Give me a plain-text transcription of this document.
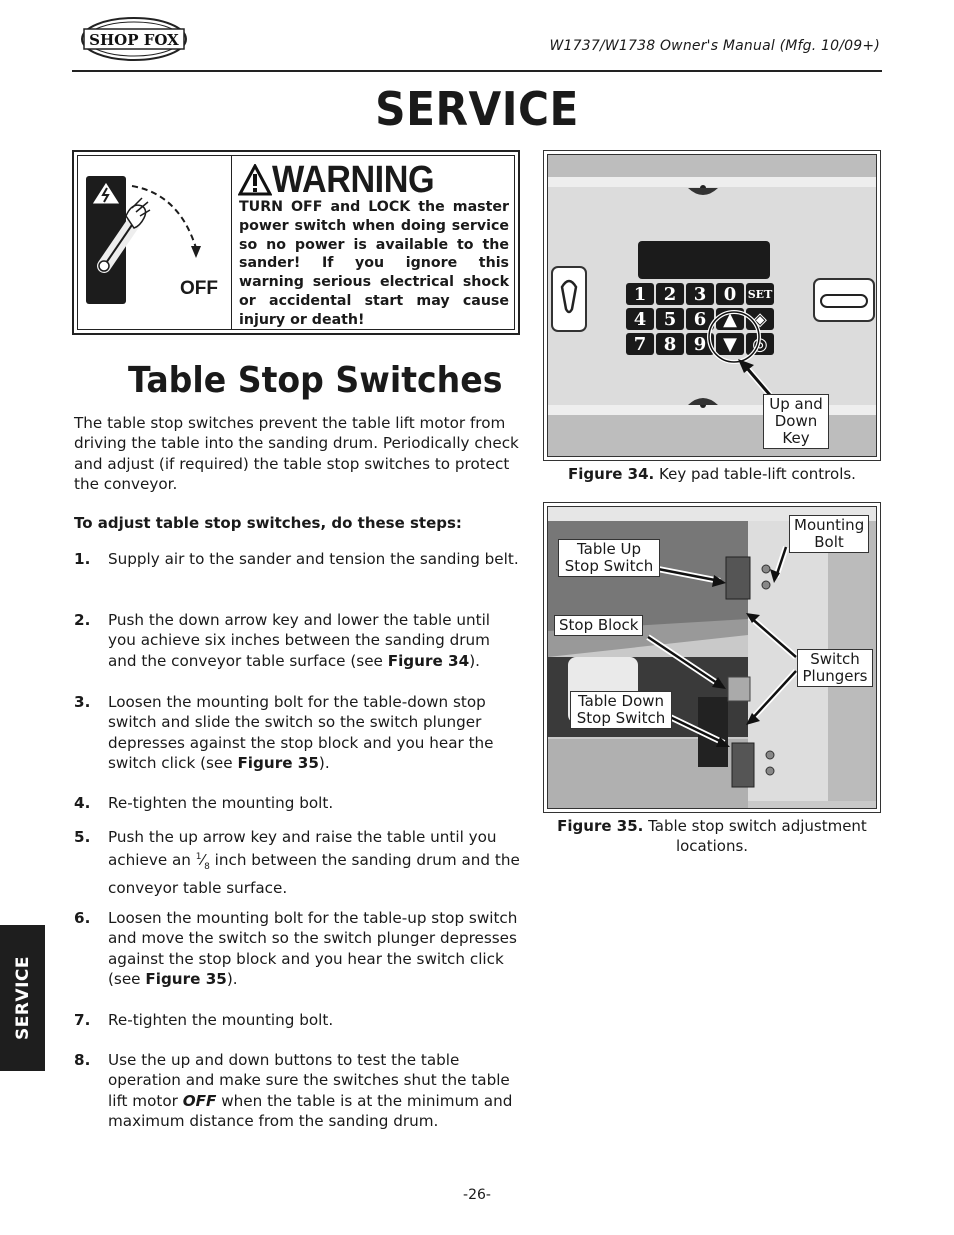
SHOP FOX	W1737/W1738 Owner's Manual (Mfg. 10/09+)
SERVICE
OFF
WARNING
TURN OFF and LOCK the master power switch when doing service so no power is available to the sander! If you ignore this warning serious electrical shock or accidental start may cause injury or death!
Table Stop Switches
The table stop switches prevent the table lift motor from driving the table into the sanding drum. Periodically check and adjust (if required) the table stop switches to protect the conveyor.
To adjust table stop switches, do these steps:
1. Supply air to the sander and tension the sanding belt.
2. Push the down arrow key and lower the table until you achieve six inches between the sanding drum and the conveyor table surface (see Figure 34).
3. Loosen the mounting bolt for the table-down stop switch and slide the switch so the switch plunger depresses against the stop block and you hear the switch click (see Figure 35).
4. Re-tighten the mounting bolt.
5. Push the up arrow key and raise the table until you achieve an $^1⁄_8$ inch between the sanding drum and the conveyor table surface.
6. Loosen the mounting bolt for the table-up stop switch and move the switch so the switch plunger depresses against the stop block and you hear the switch click (see Figure 35).
7. Re-tighten the mounting bolt.
8. Use the up and down buttons to test the table operation and make sure the switches shut the table lift motor OFF when the table is at the minimum and maximum distance from the sanding drum.
1 2 3 0	SET
4 5 6 ▲ ◈
7 8 9 ▼ ◎
Up and Down Key
Figure 34. Key pad table-lift controls.
Table Up Stop Switch
Mounting Bolt
Stop Block
Switch Plungers
Table Down Stop Switch
Figure 35. Table stop switch adjustment locations.
SERVICE
-26-
